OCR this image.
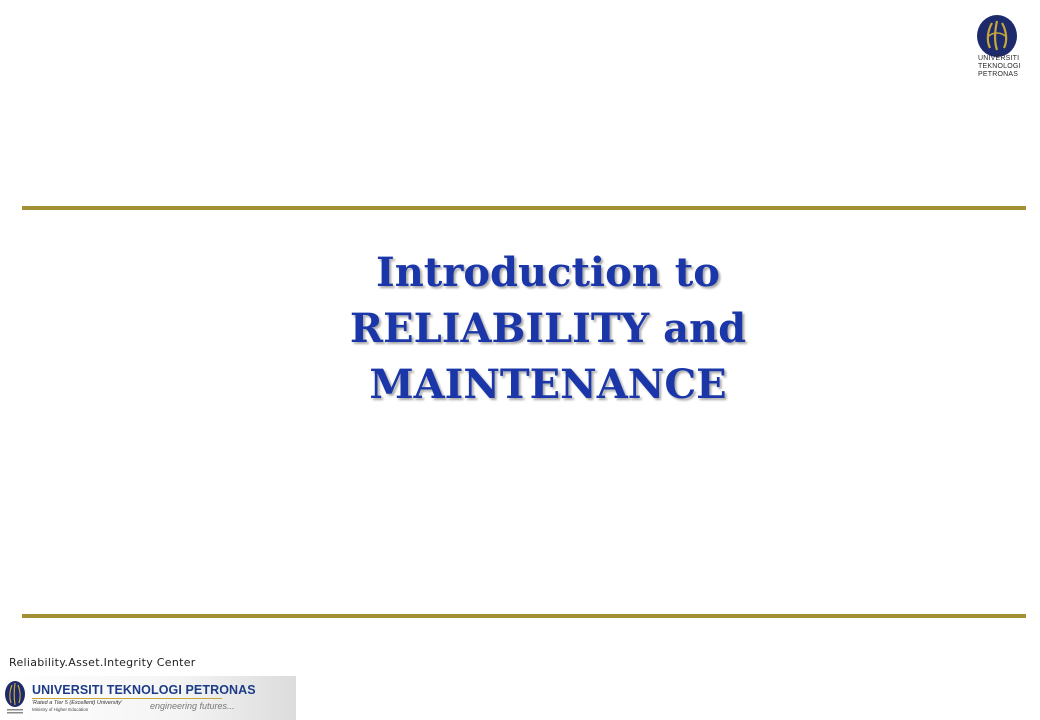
UNIVERSITI
TEKNOLOGI
PETRONAS
Introduction to
RELIABILITY and
MAINTENANCE
Reliability.Asset.Integrity Center
UNIVERSITI TEKNOLOGI PETRONAS
'Rated a Tier 5 (Excellent) University'
Ministry of Higher Education	engineering futures...
